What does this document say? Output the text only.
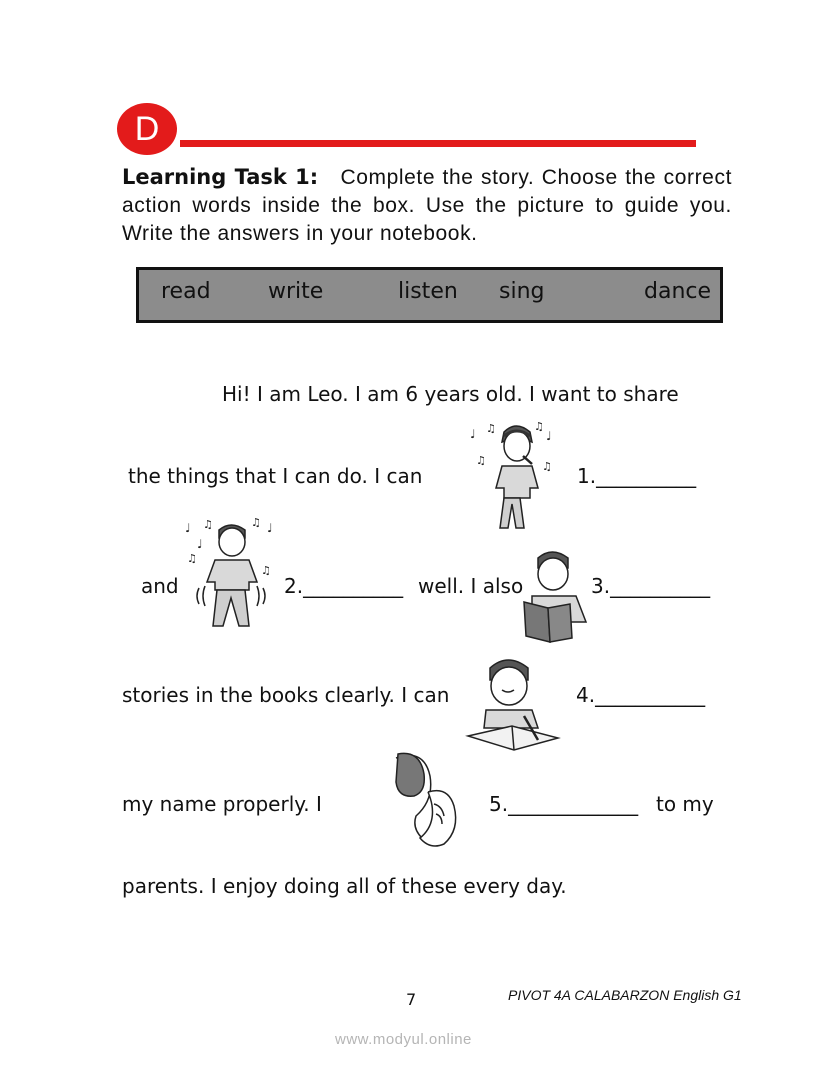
D
Learning Task 1: Complete the story. Choose the correct action words inside the box. Use the picture to guide you. Write the answers in your notebook.
read	write	listen sing	dance
Hi! I am Leo. I am 6 years old. I want to share
the things that I can do. I can	1.__________
and	2.__________ well. I also	3.__________
stories in the books clearly. I can	4.___________
my name properly. I	5._____________ to my
parents. I enjoy doing all of these every day.
♩ ♫
♫
♫
♩
♫
♩ ♫
♩
♫ ♩
♫
♫
7	PIVOT 4A CALABARZON English G1
www.modyul.online
